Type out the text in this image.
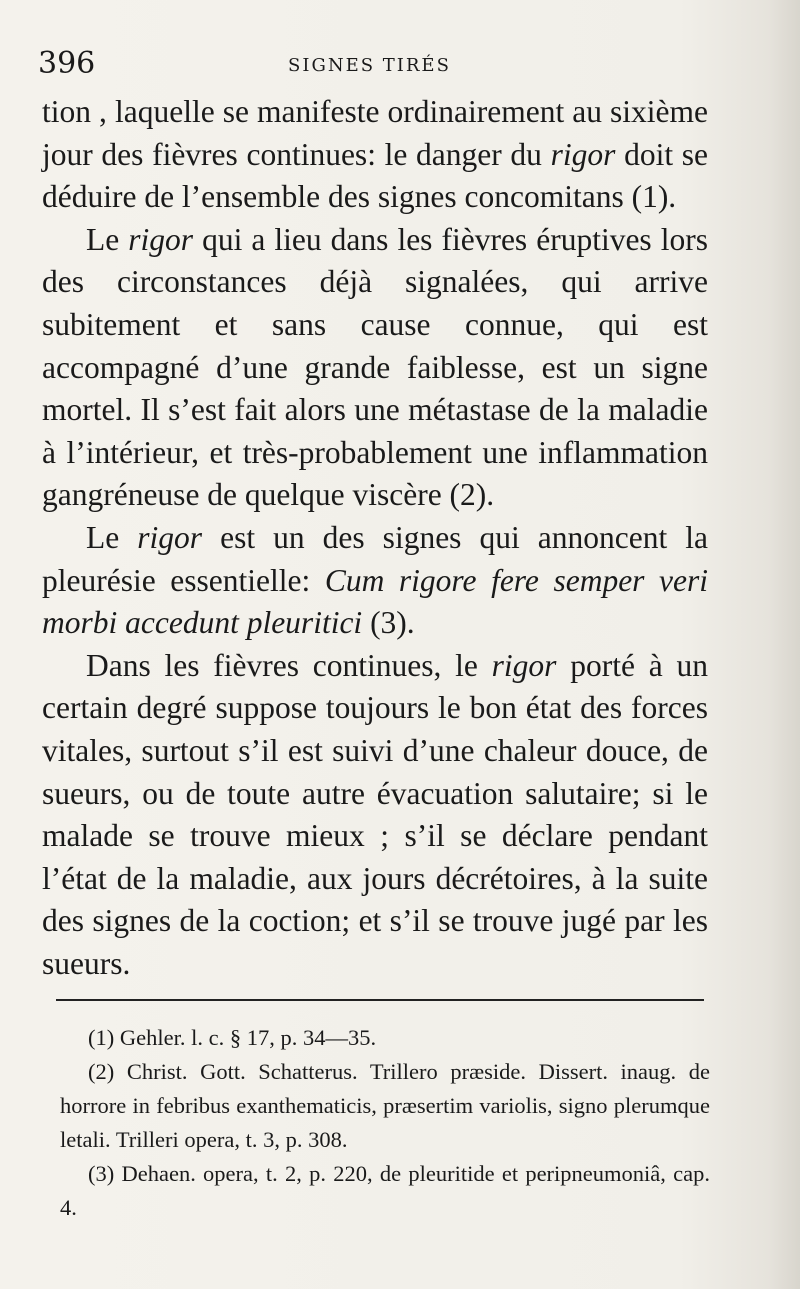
396	SIGNES TIRÉS

tion , laquelle se manifeste ordinairement au sixième jour des fièvres continues: le danger du rigor doit se déduire de l’ensemble des signes concomitans (1).

Le rigor qui a lieu dans les fièvres éruptives lors des circonstances déjà signalées, qui arrive subitement et sans cause connue, qui est accompagné d’une grande faiblesse, est un signe mortel. Il s’est fait alors une métastase de la maladie à l’intérieur, et très-probablement une inflammation gangréneuse de quelque viscère (2).

Le rigor est un des signes qui annoncent la pleurésie essentielle: Cum rigore fere semper veri morbi accedunt pleuritici (3).

Dans les fièvres continues, le rigor porté à un certain degré suppose toujours le bon état des forces vitales, surtout s’il est suivi d’une chaleur douce, de sueurs, ou de toute autre évacuation salutaire; si le malade se trouve mieux ; s’il se déclare pendant l’état de la maladie, aux jours décrétoires, à la suite des signes de la coction; et s’il se trouve jugé par les sueurs.

(1) Gehler. l. c. § 17, p. 34—35.

(2) Christ. Gott. Schatterus. Trillero præside. Dissert. inaug. de horrore in febribus exanthematicis, præsertim variolis, signo plerumque letali. Trilleri opera, t. 3, p. 308.

(3) Dehaen. opera, t. 2, p. 220, de pleuritide et peripneumoniâ, cap. 4.
